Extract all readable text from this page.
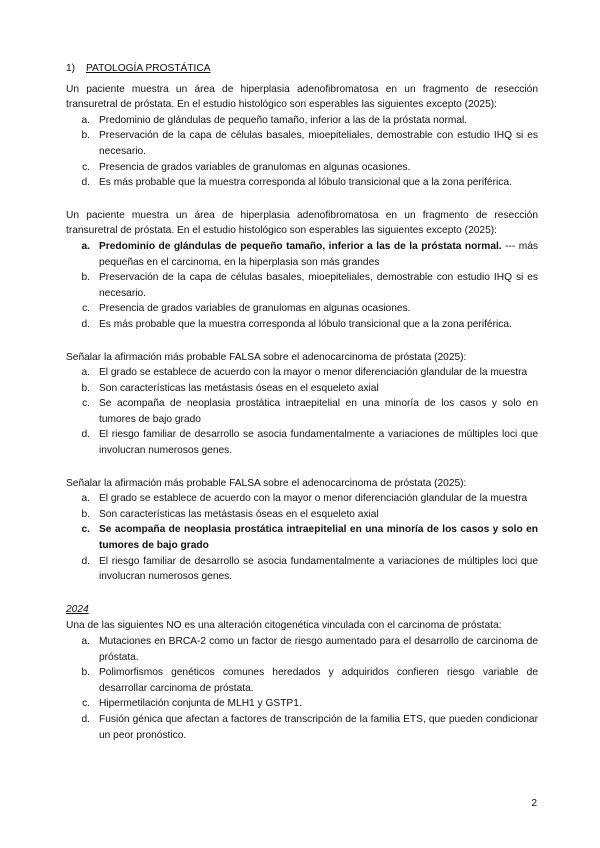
1) PATOLOGÍA PROSTÁTICA
Un paciente muestra un área de hiperplasia adenofibromatosa en un fragmento de resección transuretral de próstata. En el estudio histológico son esperables las siguientes excepto (2025):
a. Predominio de glándulas de pequeño tamaño, inferior a las de la próstata normal.
b. Preservación de la capa de células basales, mioepiteliales, demostrable con estudio IHQ si es necesario.
c. Presencia de grados variables de granulomas en algunas ocasiones.
d. Es más probable que la muestra corresponda al lóbulo transicional que a la zona periférica.
Un paciente muestra un área de hiperplasia adenofibromatosa en un fragmento de resección transuretral de próstata. En el estudio histológico son esperables las siguientes excepto (2025):
a. Predominio de glándulas de pequeño tamaño, inferior a las de la próstata normal. --- más pequeñas en el carcinoma, en la hiperplasia son más grandes
b. Preservación de la capa de células basales, mioepiteliales, demostrable con estudio IHQ si es necesario.
c. Presencia de grados variables de granulomas en algunas ocasiones.
d. Es más probable que la muestra corresponda al lóbulo transicional que a la zona periférica.
Señalar la afirmación más probable FALSA sobre el adenocarcinoma de próstata (2025):
a. El grado se establece de acuerdo con la mayor o menor diferenciación glandular de la muestra
b. Son características las metástasis óseas en el esqueleto axial
c. Se acompaña de neoplasia prostática intraepitelial en una minoría de los casos y solo en tumores de bajo grado
d. El riesgo familiar de desarrollo se asocia fundamentalmente a variaciones de múltiples loci que involucran numerosos genes.
Señalar la afirmación más probable FALSA sobre el adenocarcinoma de próstata (2025):
a. El grado se establece de acuerdo con la mayor o menor diferenciación glandular de la muestra
b. Son características las metástasis óseas en el esqueleto axial
c. Se acompaña de neoplasia prostática intraepitelial en una minoría de los casos y solo en tumores de bajo grado
d. El riesgo familiar de desarrollo se asocia fundamentalmente a variaciones de múltiples loci que involucran numerosos genes.
2024
Una de las siguientes NO es una alteración citogenética vinculada con el carcinoma de próstata:
a. Mutaciones en BRCA-2 como un factor de riesgo aumentado para el desarrollo de carcinoma de próstata.
b. Polimorfismos genéticos comunes heredados y adquiridos confieren riesgo variable de desarrollar carcinoma de próstata.
c. Hipermetilación conjunta de MLH1 y GSTP1.
d. Fusión génica que afectan a factores de transcripción de la familia ETS, que pueden condicionar un peor pronóstico.
2
